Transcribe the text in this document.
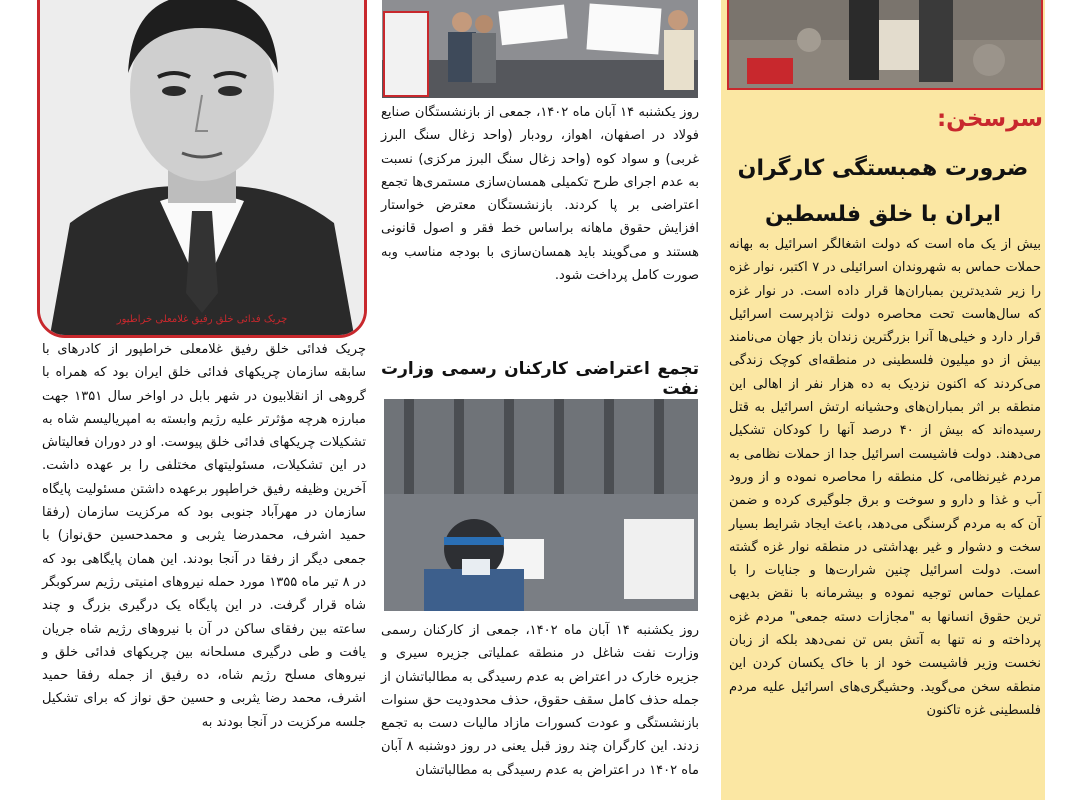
چریک فدائی خلق رفیق غلامعلی خراطپور

چریک فدائی خلق رفیق غلامعلی خراطپور از کادرهای با سابقه سازمان چریکهای فدائی خلق ایران بود که همراه با گروهی از انقلابیون در شهر بابل در اواخر سال ۱۳۵۱ جهت مبارزه هرچه مؤثرتر علیه رژیم وابسته به امپریالیسم شاه به تشکیلات چریکهای فدائی خلق پیوست. او در دوران فعالیتاش در این تشکیلات، مسئولیتهای مختلفی را بر عهده داشت. آخرین وظیفه رفیق خراطپور برعهده داشتن مسئولیت پایگاه سازمان در مهرآباد جنوبی بود که مرکزیت سازمان (رفقا حمید اشرف، محمدرضا یثربی و محمدحسین حق‌نواز) با جمعی دیگر از رفقا در آنجا بودند. این همان پایگاهی بود که در ۸ تیر ماه ۱۳۵۵ مورد حمله نیروهای امنیتی رژیم سرکوبگر شاه قرار گرفت. در این پایگاه یک درگیری بزرگ و چند ساعته بین رفقای ساکن در آن با نیروهای رژیم شاه جریان یافت و طی درگیری مسلحانه بین چریکهای فدائی خلق و نیروهای مسلح رژیم شاه، ده رفیق از جمله رفقا حمید اشرف، محمد رضا یثربی و حسین حق نواز که برای تشکیل جلسه مرکزیت در آنجا بودند به

روز یکشنبه ۱۴ آبان ماه ۱۴۰۲، جمعی از بازنشستگان صنایع فولاد در اصفهان، اهواز، رودبار (واحد زغال سنگ البرز غربی) و سواد کوه (واحد زغال سنگ البرز مرکزی) نسبت به عدم اجرای طرح تکمیلی همسان‌سازی مستمری‌ها تجمع اعتراضی بر پا کردند. بازنشستگان معترض خواستار افزایش حقوق ماهانه براساس خط فقر و اصول قانونی هستند و می‌گویند باید همسان‌سازی با بودجه مناسب وبه صورت کامل پرداخت شود.

تجمع اعتراضی کارکنان رسمی وزارت نفت

روز یکشنبه ۱۴ آبان ماه ۱۴۰۲، جمعی از کارکنان رسمی وزارت نفت شاغل در منطقه عملیاتی جزیره سیری و جزیره خارک در اعتراض به عدم رسیدگی به مطالباتشان از جمله حذف کامل سقف حقوق، حذف محدودیت حق سنوات بازنشستگی و عودت کسورات مازاد مالیات دست به تجمع زدند. این کارگران چند روز قبل یعنی در روز دوشنبه ۸ آبان ماه ۱۴۰۲ در اعتراض به عدم رسیدگی به مطالباتشان

سرسخن:
ضرورت همبستگی کارگران ایران با خلق فلسطین

بیش از یک ماه است که دولت اشغالگر اسرائیل به بهانه حملات حماس به شهروندان اسرائیلی در ۷ اکتبر، نوار غزه را زیر شدیدترین بمباران‌ها قرار داده است. در نوار غزه که سال‌هاست تحت محاصره دولت نژادپرست اسرائیل قرار دارد و خیلی‌ها آنرا بزرگترین زندان باز جهان می‌نامند بیش از دو میلیون فلسطینی در منطقه‌ای کوچک زندگی می‌کردند که اکنون نزدیک به ده هزار نفر از اهالی این منطقه بر اثر بمباران‌های وحشیانه ارتش اسرائیل به قتل رسیده‌اند که بیش از ۴۰ درصد آنها را کودکان تشکیل می‌دهند. دولت فاشیست اسرائیل جدا از حملات نظامی به مردم غیرنظامی، کل منطقه را محاصره نموده و از ورود آب و غذا و دارو و سوخت و برق جلوگیری کرده و ضمن آن که به مردم گرسنگی می‌دهد، باعث ایجاد شرایط بسیار سخت و دشوار و غیر بهداشتی در منطقه نوار غزه گشته است. دولت اسرائیل چنین شرارت‌ها و جنایات را با عملیات حماس توجیه نموده و بیشرمانه با نقض بدیهی ترین حقوق انسانها به "مجازات دسته جمعی" مردم غزه پرداخته و نه تنها به آتش بس تن نمی‌دهد بلکه از زبان نخست وزیر فاشیست خود از با خاک یکسان کردن این منطقه سخن می‌گوید. وحشیگری‌های اسرائیل علیه مردم فلسطینی غزه تاکنون
